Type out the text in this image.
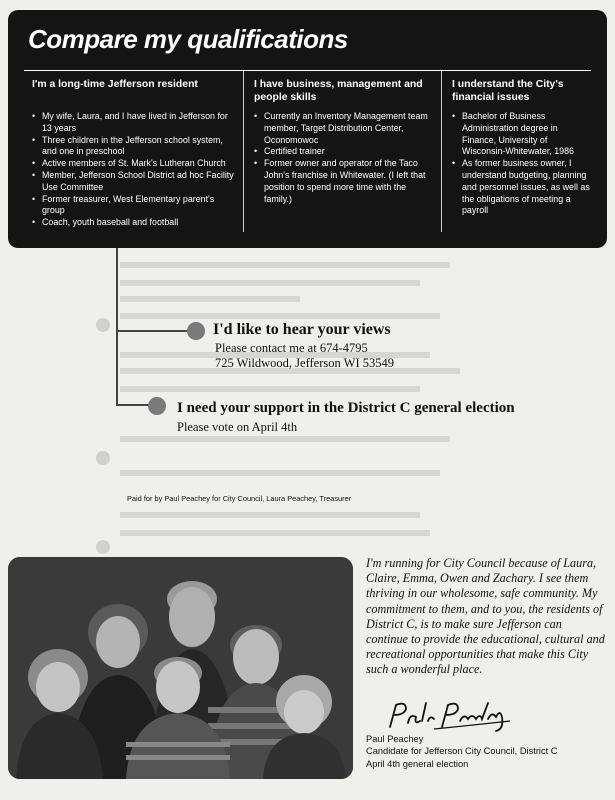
Compare my qualifications
I'm a long-time Jefferson resident
• My wife, Laura, and I have lived in Jefferson for 13 years
• Three children in the Jefferson school system, and one in preschool
• Active members of St. Mark's Lutheran Church
• Member, Jefferson School District ad hoc Facility Use Committee
• Former treasurer, West Elementary parent's group
• Coach, youth baseball and football
I have business, management and people skills
• Currently an Inventory Management team member, Target Distribution Center, Oconomowoc
• Certified trainer
• Former owner and operator of the Taco John's franchise in Whitewater. (I left that position to spend more time with the family.)
I understand the City's financial issues
• Bachelor of Business Administration degree in Finance, University of Wisconsin-Whitewater, 1986
• As former business owner, I understand budgeting, planning and personnel issues, as well as the obligations of meeting a payroll
I'd like to hear your views
Please contact me at 674-4795
725 Wildwood, Jefferson WI 53549
I need your support in the District C general election
Please vote on April 4th
Paid for by Paul Peachey for City Council, Laura Peachey, Treasurer

I'm running for City Council because of Laura, Claire, Emma, Owen and Zachary. I see them thriving in our wholesome, safe community. My commitment to them, and to you, the residents of District C, is to make sure Jefferson can continue to provide the educational, cultural and recreational opportunities that make this City such a wonderful place.

Paul Peachey
Candidate for Jefferson City Council, District C
April 4th general election
